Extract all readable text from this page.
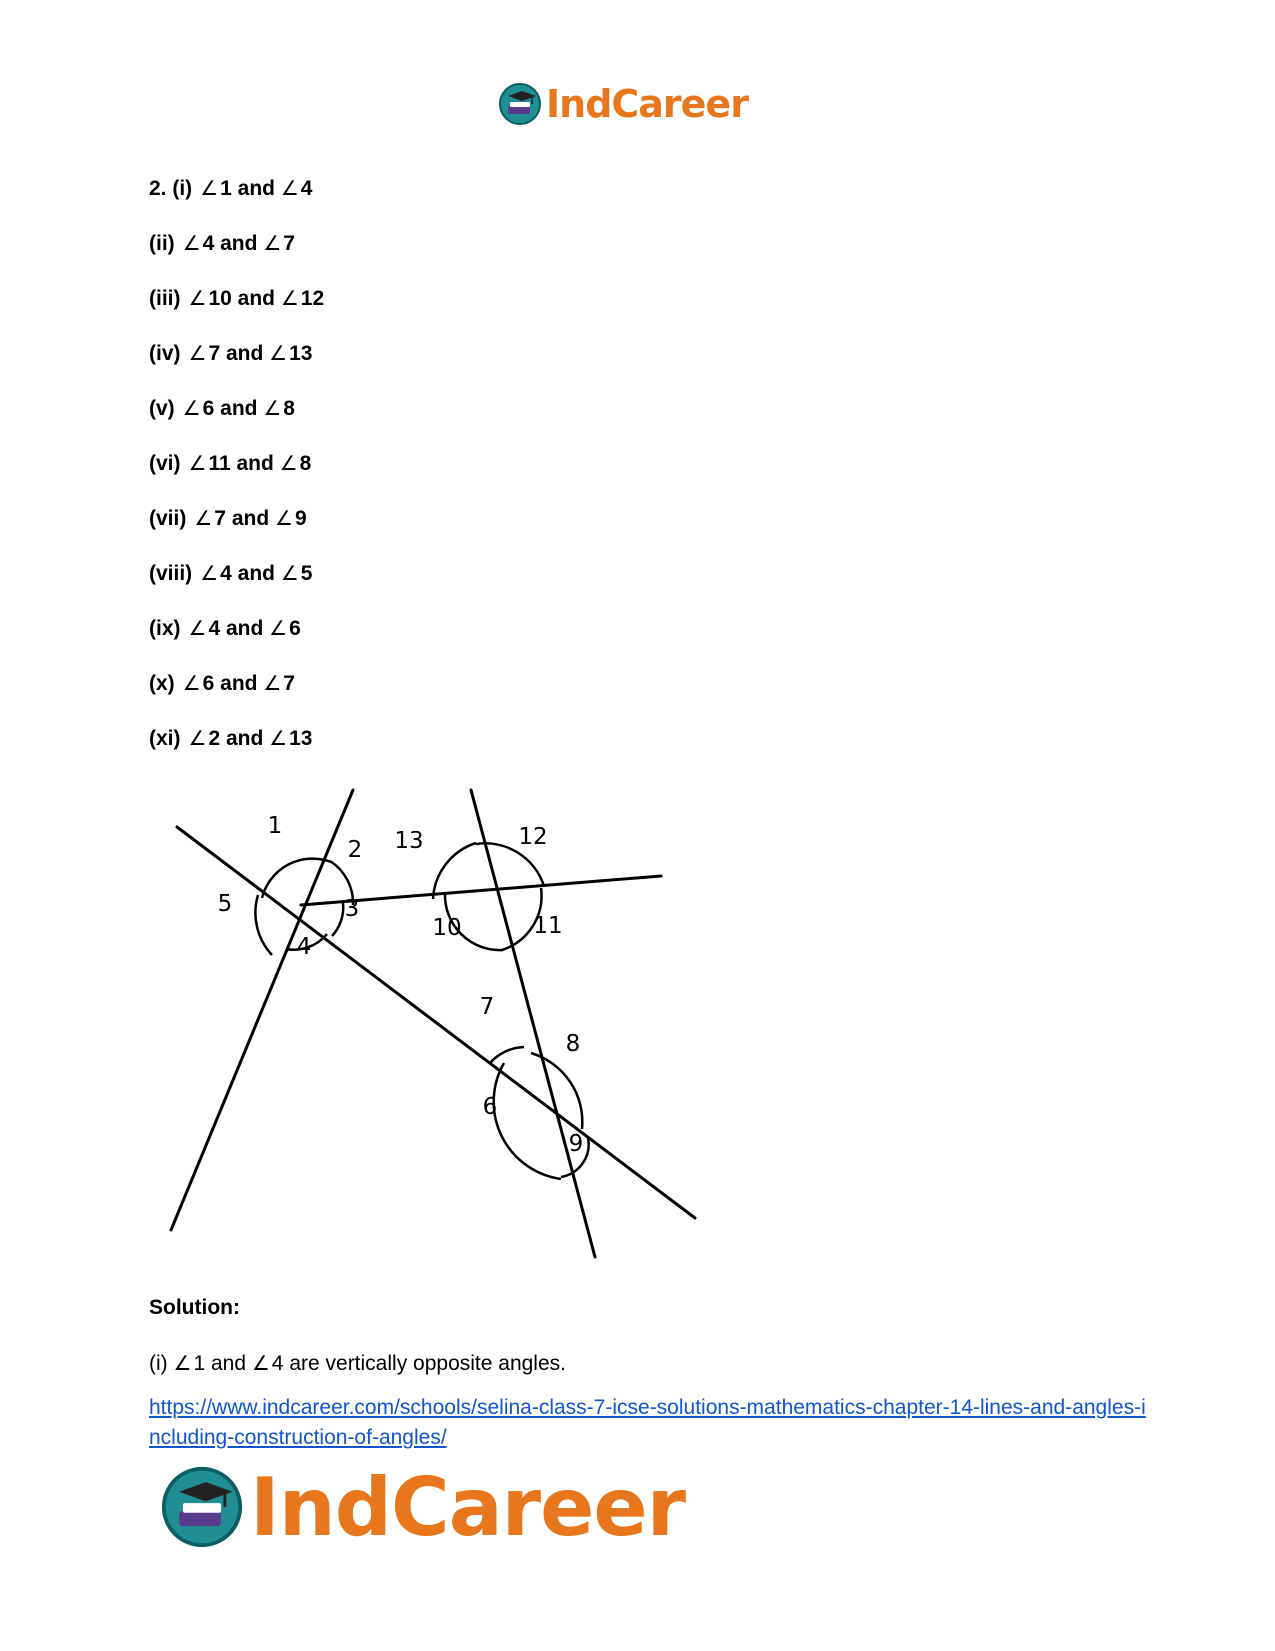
IndCareer
2. (i) ∠1 and ∠4
(ii) ∠4 and ∠7
(iii) ∠10 and ∠12
(iv) ∠7 and ∠13
(v) ∠6 and ∠8
(vi) ∠11 and ∠8
(vii) ∠7 and ∠9
(viii) ∠4 and ∠5
(ix) ∠4 and ∠6
(x) ∠6 and ∠7
(xi) ∠2 and ∠13
1
2
3
4
5
13	12
10	11
7
8
6
9
Solution:
(i) ∠1 and ∠4 are vertically opposite angles.
https://www.indcareer.com/schools/selina-class-7-icse-solutions-mathematics-chapter-14-lines-and-angles-including-construction-of-angles/
IndCareer
